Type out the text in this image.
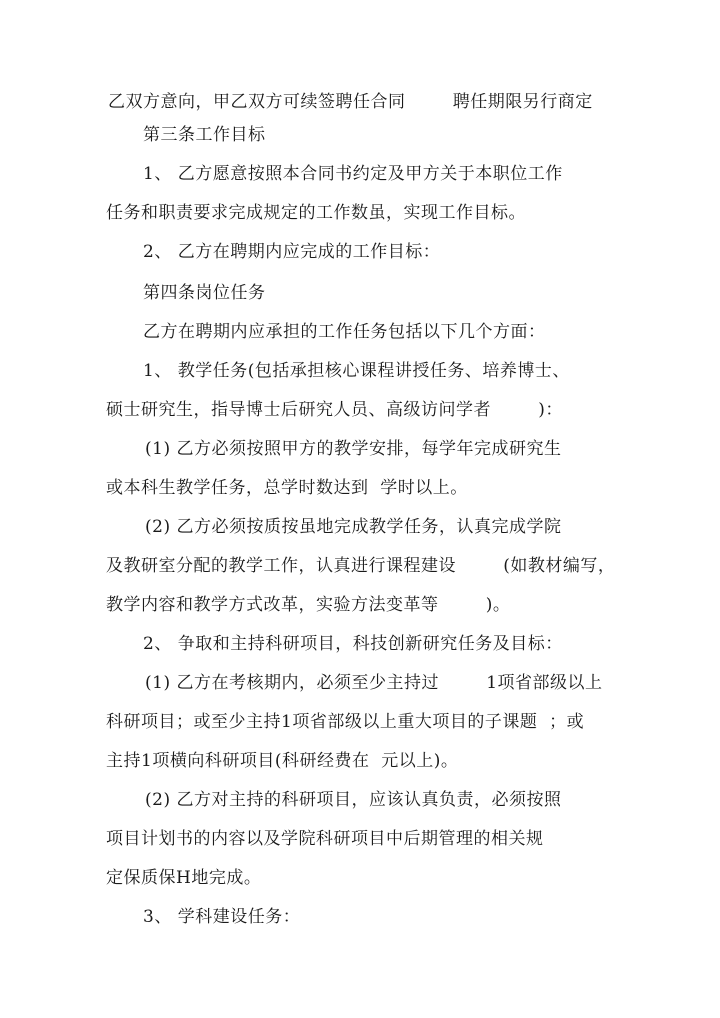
乙双方意向，甲乙双方可续签聘任合同        聘任期限另行商定
第三条工作目标
1、 乙方愿意按照本合同书约定及甲方关于本职位工作
任务和职责要求完成规定的工作数虽，实现工作目标。
2、 乙方在聘期内应完成的工作目标：
第四条岗位任务
乙方在聘期内应承担的工作任务包括以下几个方面：
1、 教学任务(包括承担核心课程讲授任务、培养博士、
硕士研究生，指导博士后研究人员、高级访问学者        )：
(1) 乙方必须按照甲方的教学安排，每学年完成研究生
或本科生教学任务，总学时数达到  学时以上。
(2) 乙方必须按质按虽地完成教学任务，认真完成学院
及教研室分配的教学工作，认真进行课程建设        (如教材编写，
教学内容和教学方式改革，实验方法变革等        )。
2、 争取和主持科研项目，科技创新研究任务及目标：
(1) 乙方在考核期内，必须至少主持过        1项省部级以上
科研项目；或至少主持1项省部级以上重大项目的子课题  ；或
主持1项横向科研项目(科研经费在  元以上)。
(2) 乙方对主持的科研项目，应该认真负责，必须按照
项目计划书的内容以及学院科研项目中后期管理的相关规
定保质保H地完成。
3、 学科建设任务：
